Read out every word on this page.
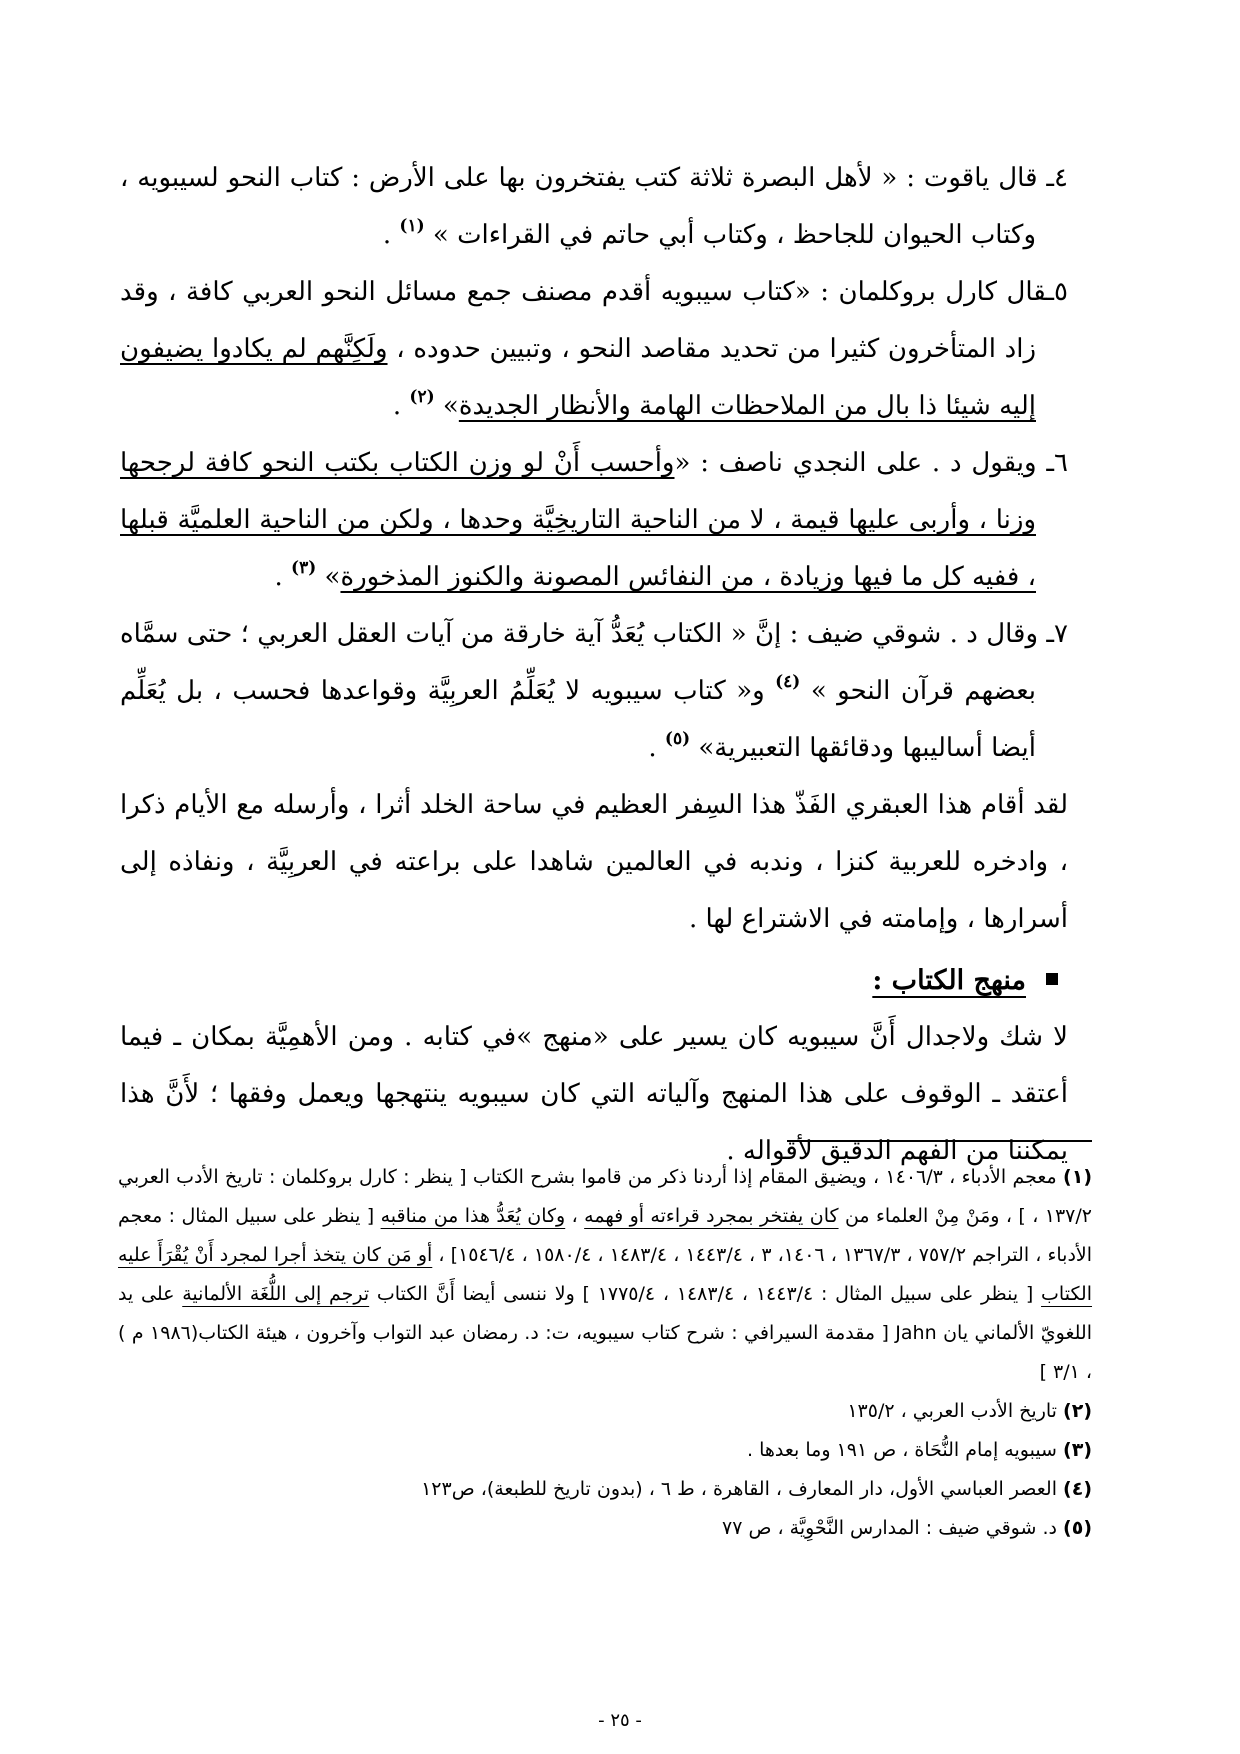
٤ـ قال ياقوت : « لأهل البصرة ثلاثة كتب يفتخرون بها على الأرض : كتاب النحو لسيبويه ، وكتاب الحيوان للجاحظ ، وكتاب أبي حاتم في القراءات » $^{(١)}$ .

٥ـقال كارل بروكلمان : «كتاب سيبويه أقدم مصنف جمع مسائل النحو العربي كافة ، وقد زاد المتأخرون كثيرا من تحديد مقاصد النحو ، وتبيين حدوده ، ولَكِنَّهم لم يكادوا يضيفون إليه شيئا ذا بال من الملاحظات الهامة والأنظار الجديدة» $^{(٢)}$ .

٦ـ ويقول د . على النجدي ناصف : «وأحسب أَنْ لو وزن الكتاب بكتب النحو كافة لرجحها وزنا ، وأربى عليها قيمة ، لا من الناحية التاريخِيَّة وحدها ، ولكن من الناحية العلميَّة قبلها ، ففيه كل ما فيها وزيادة ، من النفائس المصونة والكنوز المذخورة» $^{(٣)}$ .

٧ـ وقال د . شوقي ضيف : إنَّ « الكتاب يُعَدُّ آية خارقة من آيات العقل العربي ؛ حتى سمَّاه بعضهم قرآن النحو » $^{(٤)}$ و« كتاب سيبويه لا يُعَلِّمُ العربِيَّة وقواعدها فحسب ، بل يُعَلِّم أيضا أساليبها ودقائقها التعبيرية» $^{(٥)}$ .

لقد أقام هذا العبقري الفَذّ هذا السِفر العظيم في ساحة الخلد أثرا ، وأرسله مع الأيام ذكرا ، وادخره للعربية كنزا ، وندبه في العالمين شاهدا على براعته في العربِيَّة ، ونفاذه إلى أسرارها ، وإمامته في الاشتراع لها .

منهج الكتاب :

لا شك ولاجدال أَنَّ سيبويه كان يسير على «منهج »في كتابه . ومن الأهمِيَّة بمكان ـ فيما أعتقد ـ الوقوف على هذا المنهج وآلياته التي كان سيبويه ينتهجها ويعمل وفقها ؛ لأَنَّ هذا يمكننا من الفهم الدقيق لأقواله .

(١) معجم الأدباء ، ١٤٠٦/٣ ، ويضيق المقام إذا أردنا ذكر من قاموا بشرح الكتاب [ ينظر : كارل بروكلمان : تاريخ الأدب العربي ١٣٧/٢ ، ] ، ومَنْ مِنْ العلماء من كان يفتخر بمجرد قراءته أو فهمه ، وكان يُعَدُّ هذا من مناقبه [ ينظر على سبيل المثال : معجم الأدباء ، التراجم ٧٥٧/٢ ، ١٣٦٧/٣ ، ١٤٠٦، ٣ ، ١٤٤٣/٤ ، ١٤٨٣/٤ ، ١٥٨٠/٤ ، ١٥٤٦/٤] ، أو مَن كان يتخذ أجرا لمجرد أَنْ يُقْرَأَ عليه الكتاب [ ينظر على سبيل المثال : ١٤٤٣/٤ ، ١٤٨٣/٤ ، ١٧٧٥/٤ ] ولا ننسى أيضا أَنَّ الكتاب ترجم إلى اللُّغَة الألمانية على يد اللغويّ الألماني يان Jahn [ مقدمة السيرافي : شرح كتاب سيبويه، ت: د. رمضان عبد التواب وآخرون ، هيئة الكتاب(١٩٨٦ م ) ، ٣/١ ]

(٢) تاريخ الأدب العربي ، ١٣٥/٢

(٣) سيبويه إمام النُّحَاة ، ص ١٩١ وما بعدها .

(٤) العصر العباسي الأول، دار المعارف ، القاهرة ، ط ٦ ، (بدون تاريخ للطبعة)، ص١٢٣

(٥) د. شوقي ضيف : المدارس النَّحْوِيَّة ، ص ٧٧

- ٢٥ -
